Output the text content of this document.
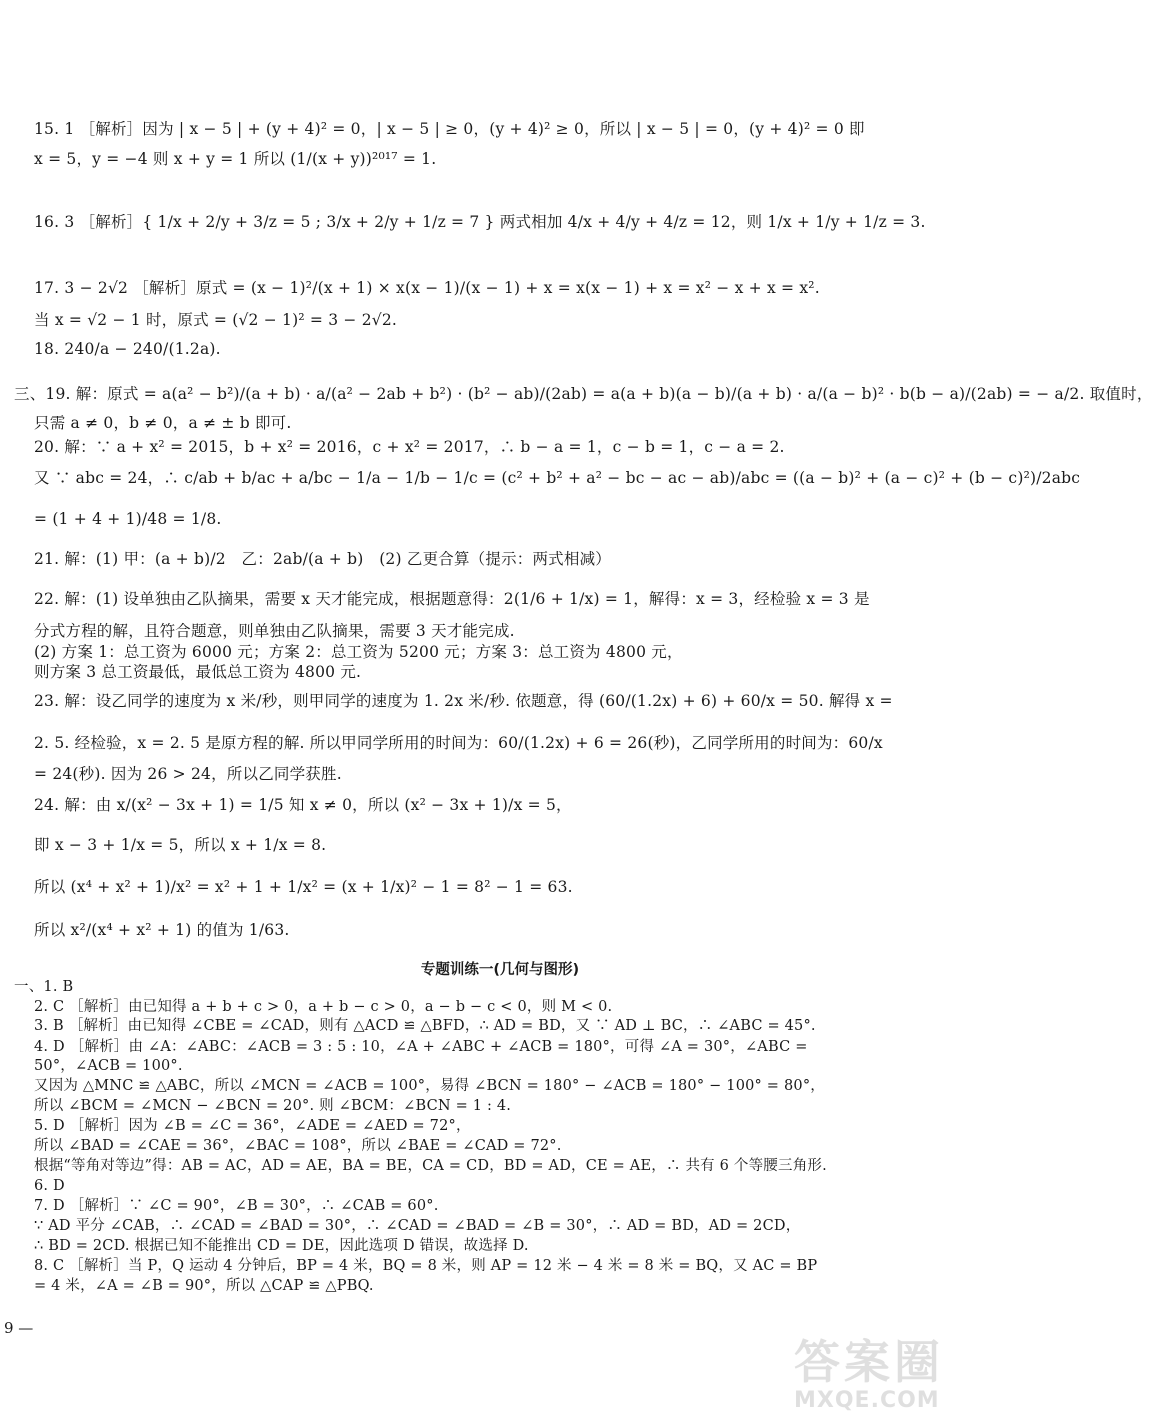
15. 1 ［解析］因为 | x − 5 | + (y + 4)² = 0，| x − 5 | ≥ 0，(y + 4)² ≥ 0，所以 | x − 5 | = 0，(y + 4)² = 0 即
x = 5，y = −4 则 x + y = 1 所以 (1/(x + y))²⁰¹⁷ = 1.
16. 3 ［解析］{ 1/x + 2/y + 3/z = 5 ; 3/x + 2/y + 1/z = 7 } 两式相加 4/x + 4/y + 4/z = 12，则 1/x + 1/y + 1/z = 3.
17. 3 − 2√2 ［解析］原式 = (x − 1)²/(x + 1) × x(x − 1)/(x − 1) + x = x(x − 1) + x = x² − x + x = x².
当 x = √2 − 1 时，原式 = (√2 − 1)² = 3 − 2√2.
18. 240/a − 240/(1.2a).
三、19. 解：原式 = a(a² − b²)/(a + b) · a/(a² − 2ab + b²) · (b² − ab)/(2ab) = a(a + b)(a − b)/(a + b) · a/(a − b)² · b(b − a)/(2ab) = − a/2. 取值时，
只需 a ≠ 0，b ≠ 0，a ≠ ± b 即可.
20. 解：∵ a + x² = 2015，b + x² = 2016，c + x² = 2017，∴ b − a = 1，c − b = 1，c − a = 2.
又 ∵ abc = 24，∴ c/ab + b/ac + a/bc − 1/a − 1/b − 1/c = (c² + b² + a² − bc − ac − ab)/abc = ((a − b)² + (a − c)² + (b − c)²)/2abc
= (1 + 4 + 1)/48 = 1/8.
21. 解：(1) 甲：(a + b)/2　乙：2ab/(a + b)　(2) 乙更合算（提示：两式相减）
22. 解：(1) 设单独由乙队摘果，需要 x 天才能完成，根据题意得：2(1/6 + 1/x) = 1，解得：x = 3，经检验 x = 3 是
分式方程的解，且符合题意，则单独由乙队摘果，需要 3 天才能完成.
(2) 方案 1：总工资为 6000 元；方案 2：总工资为 5200 元；方案 3：总工资为 4800 元，
则方案 3 总工资最低，最低总工资为 4800 元.
23. 解：设乙同学的速度为 x 米/秒，则甲同学的速度为 1. 2x 米/秒. 依题意，得 (60/(1.2x) + 6) + 60/x = 50. 解得 x =
2. 5. 经检验，x = 2. 5 是原方程的解. 所以甲同学所用的时间为：60/(1.2x) + 6 = 26(秒)，乙同学所用的时间为：60/x
= 24(秒). 因为 26 > 24，所以乙同学获胜.
24. 解：由 x/(x² − 3x + 1) = 1/5 知 x ≠ 0，所以 (x² − 3x + 1)/x = 5，
即 x − 3 + 1/x = 5，所以 x + 1/x = 8.
所以 (x⁴ + x² + 1)/x² = x² + 1 + 1/x² = (x + 1/x)² − 1 = 8² − 1 = 63.
所以 x²/(x⁴ + x² + 1) 的值为 1/63.
专题训练一(几何与图形)
一、1. B
2. C ［解析］由已知得 a + b + c > 0，a + b − c > 0，a − b − c < 0，则 M < 0.
3. B ［解析］由已知得 ∠CBE = ∠CAD，则有 △ACD ≌ △BFD，∴ AD = BD，又 ∵ AD ⊥ BC，∴ ∠ABC = 45°.
4. D ［解析］由 ∠A：∠ABC：∠ACB = 3 : 5 : 10，∠A + ∠ABC + ∠ACB = 180°，可得 ∠A = 30°，∠ABC =
50°，∠ACB = 100°.
又因为 △MNC ≌ △ABC，所以 ∠MCN = ∠ACB = 100°，易得 ∠BCN = 180° − ∠ACB = 180° − 100° = 80°，
所以 ∠BCM = ∠MCN − ∠BCN = 20°. 则 ∠BCM：∠BCN = 1 : 4.
5. D ［解析］因为 ∠B = ∠C = 36°，∠ADE = ∠AED = 72°，
所以 ∠BAD = ∠CAE = 36°，∠BAC = 108°，所以 ∠BAE = ∠CAD = 72°.
根据“等角对等边”得：AB = AC，AD = AE，BA = BE，CA = CD，BD = AD，CE = AE，∴ 共有 6 个等腰三角形.
6. D
7. D ［解析］∵ ∠C = 90°，∠B = 30°，∴ ∠CAB = 60°.
∵ AD 平分 ∠CAB，∴ ∠CAD = ∠BAD = 30°，∴ ∠CAD = ∠BAD = ∠B = 30°，∴ AD = BD，AD = 2CD，
∴ BD = 2CD. 根据已知不能推出 CD = DE，因此选项 D 错误，故选择 D.
8. C ［解析］当 P，Q 运动 4 分钟后，BP = 4 米，BQ = 8 米，则 AP = 12 米 − 4 米 = 8 米 = BQ，又 AC = BP
= 4 米，∠A = ∠B = 90°，所以 △CAP ≌ △PBQ.
9 —
答案圈
MXQE.COM
